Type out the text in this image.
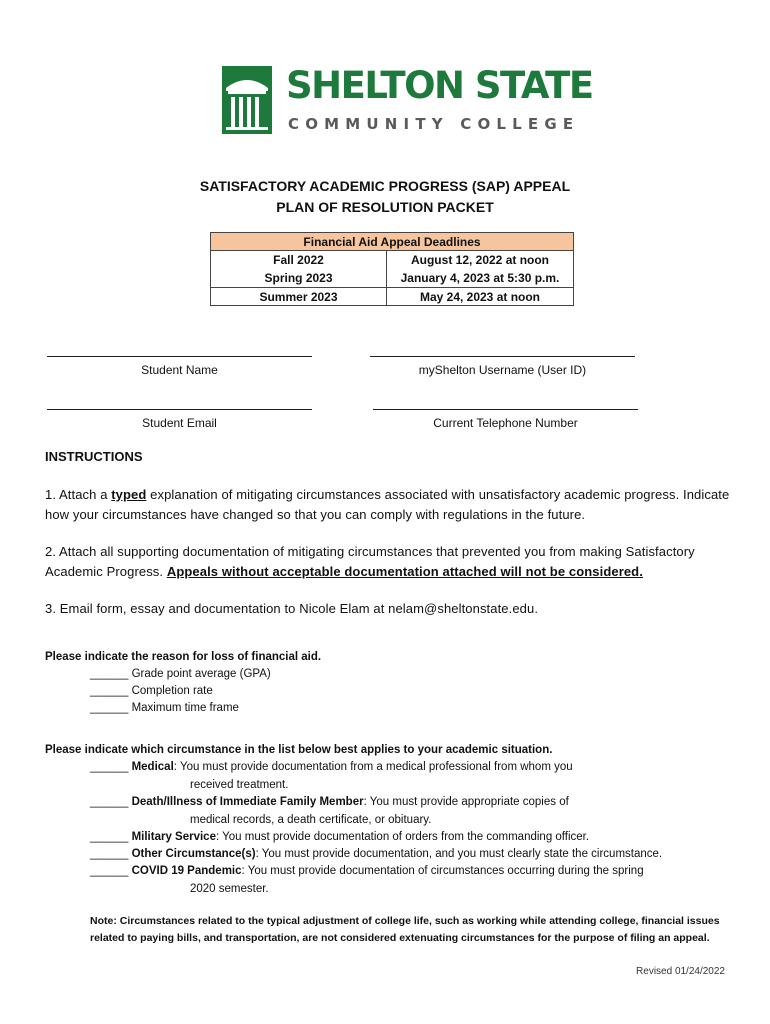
SHELTON STATE
COMMUNITY COLLEGE
SATISFACTORY ACADEMIC PROGRESS (SAP) APPEAL
PLAN OF RESOLUTION PACKET
Financial Aid Appeal Deadlines
Fall 2022	August 12, 2022 at noon
Spring 2023	January 4, 2023 at 5:30 p.m.
Summer 2023	May 24, 2023 at noon
Student Name	myShelton Username (User ID)
Student Email	Current Telephone Number
INSTRUCTIONS
1. Attach a typed explanation of mitigating circumstances associated with unsatisfactory academic progress. Indicate how your circumstances have changed so that you can comply with regulations in the future.
2. Attach all supporting documentation of mitigating circumstances that prevented you from making Satisfactory Academic Progress. Appeals without acceptable documentation attached will not be considered.
3. Email form, essay and documentation to Nicole Elam at nelam@sheltonstate.edu.
Please indicate the reason for loss of financial aid.
______ Grade point average (GPA)
______ Completion rate
______ Maximum time frame
Please indicate which circumstance in the list below best applies to your academic situation.
______ Medical: You must provide documentation from a medical professional from whom you
received treatment.
______ Death/Illness of Immediate Family Member: You must provide appropriate copies of
medical records, a death certificate, or obituary.
______ Military Service: You must provide documentation of orders from the commanding officer.
______ Other Circumstance(s): You must provide documentation, and you must clearly state the circumstance.
______ COVID 19 Pandemic: You must provide documentation of circumstances occurring during the spring
2020 semester.
Note: Circumstances related to the typical adjustment of college life, such as working while attending college, financial issues related to paying bills, and transportation, are not considered extenuating circumstances for the purpose of filing an appeal.
Revised 01/24/2022
